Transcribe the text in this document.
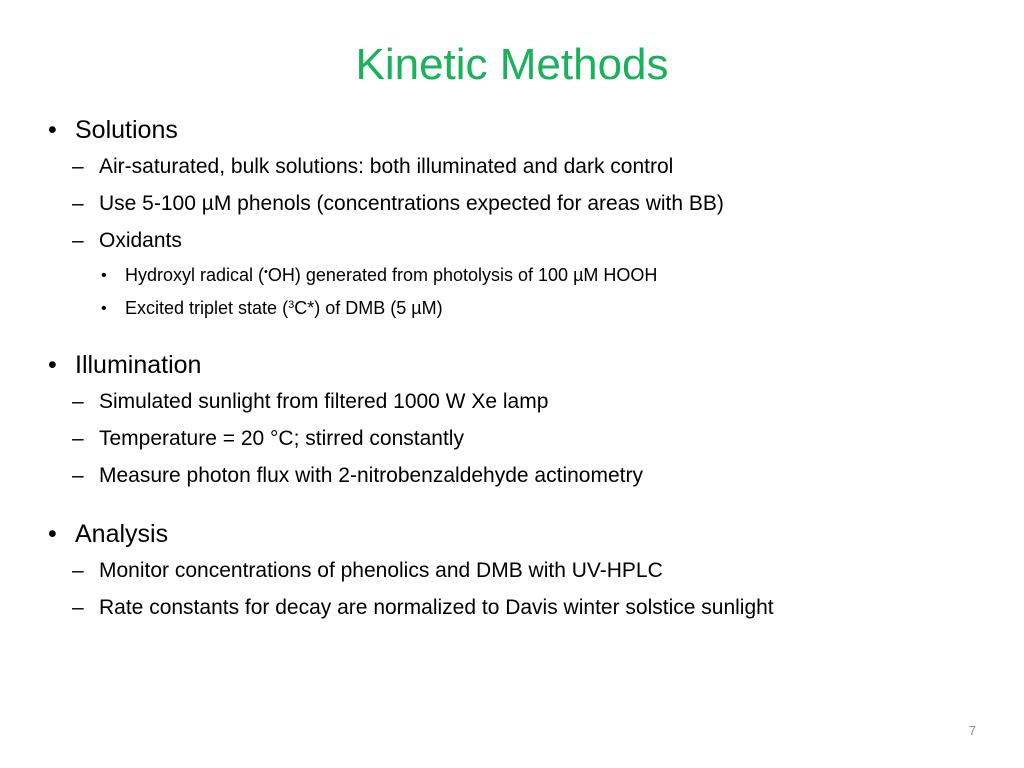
Kinetic Methods
• Solutions
– Air-saturated, bulk solutions: both illuminated and dark control
– Use 5-100 µM phenols (concentrations expected for areas with BB)
– Oxidants
• Hydroxyl radical (•OH) generated from photolysis of 100 µM HOOH
• Excited triplet state ($^3$C*) of DMB (5 µM)
• Illumination
– Simulated sunlight from filtered 1000 W Xe lamp
– Temperature = 20 °C; stirred constantly
– Measure photon flux with 2-nitrobenzaldehyde actinometry
• Analysis
– Monitor concentrations of phenolics and DMB with UV-HPLC
– Rate constants for decay are normalized to Davis winter solstice sunlight
7
